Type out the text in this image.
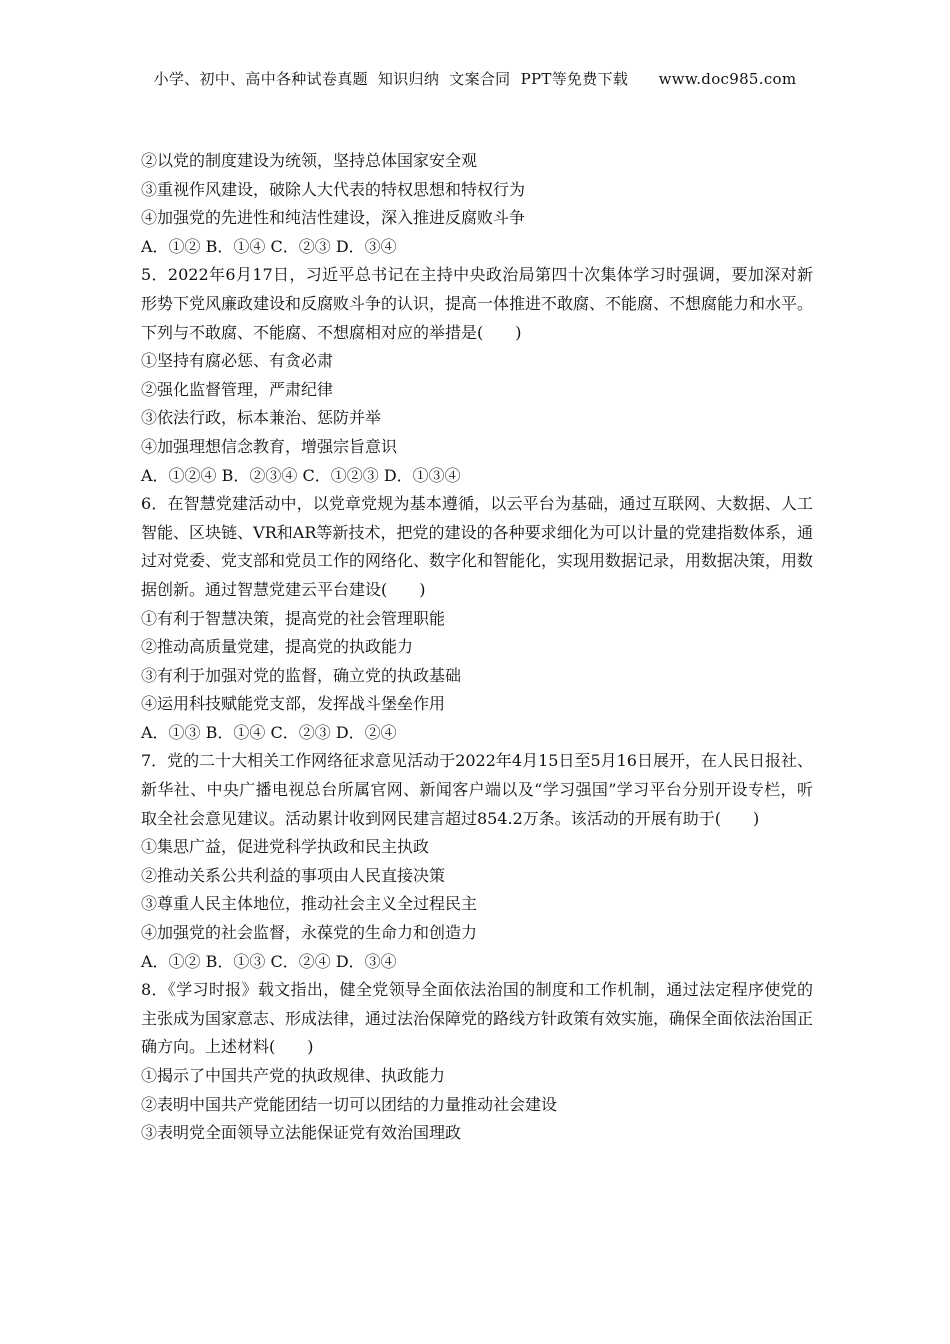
小学、初中、高中各种试卷真题  知识归纳  文案合同  PPT等免费下载      www.doc985.com
②以党的制度建设为统领，坚持总体国家安全观
③重视作风建设，破除人大代表的特权思想和特权行为
④加强党的先进性和纯洁性建设，深入推进反腐败斗争
A．①② B．①④ C．②③ D．③④
5．2022年6月17日，习近平总书记在主持中央政治局第四十次集体学习时强调，要加深对新形势下党风廉政建设和反腐败斗争的认识，提高一体推进不敢腐、不能腐、不想腐能力和水平。下列与不敢腐、不能腐、不想腐相对应的举措是(　　)
①坚持有腐必惩、有贪必肃
②强化监督管理，严肃纪律
③依法行政，标本兼治、惩防并举
④加强理想信念教育，增强宗旨意识
A．①②④ B．②③④ C．①②③ D．①③④
6．在智慧党建活动中，以党章党规为基本遵循，以云平台为基础，通过互联网、大数据、人工智能、区块链、VR和AR等新技术，把党的建设的各种要求细化为可以计量的党建指数体系，通过对党委、党支部和党员工作的网络化、数字化和智能化，实现用数据记录，用数据决策，用数据创新。通过智慧党建云平台建设(　　)
①有利于智慧决策，提高党的社会管理职能
②推动高质量党建，提高党的执政能力
③有利于加强对党的监督，确立党的执政基础
④运用科技赋能党支部，发挥战斗堡垒作用
A．①③ B．①④ C．②③ D．②④
7．党的二十大相关工作网络征求意见活动于2022年4月15日至5月16日展开，在人民日报社、新华社、中央广播电视总台所属官网、新闻客户端以及“学习强国”学习平台分别开设专栏，听取全社会意见建议。活动累计收到网民建言超过854.2万条。该活动的开展有助于(　　)
①集思广益，促进党科学执政和民主执政
②推动关系公共利益的事项由人民直接决策
③尊重人民主体地位，推动社会主义全过程民主
④加强党的社会监督，永葆党的生命力和创造力
A．①② B．①③ C．②④ D．③④
8．《学习时报》载文指出，健全党领导全面依法治国的制度和工作机制，通过法定程序使党的主张成为国家意志、形成法律，通过法治保障党的路线方针政策有效实施，确保全面依法治国正确方向。上述材料(　　)
①揭示了中国共产党的执政规律、执政能力
②表明中国共产党能团结一切可以团结的力量推动社会建设
③表明党全面领导立法能保证党有效治国理政
